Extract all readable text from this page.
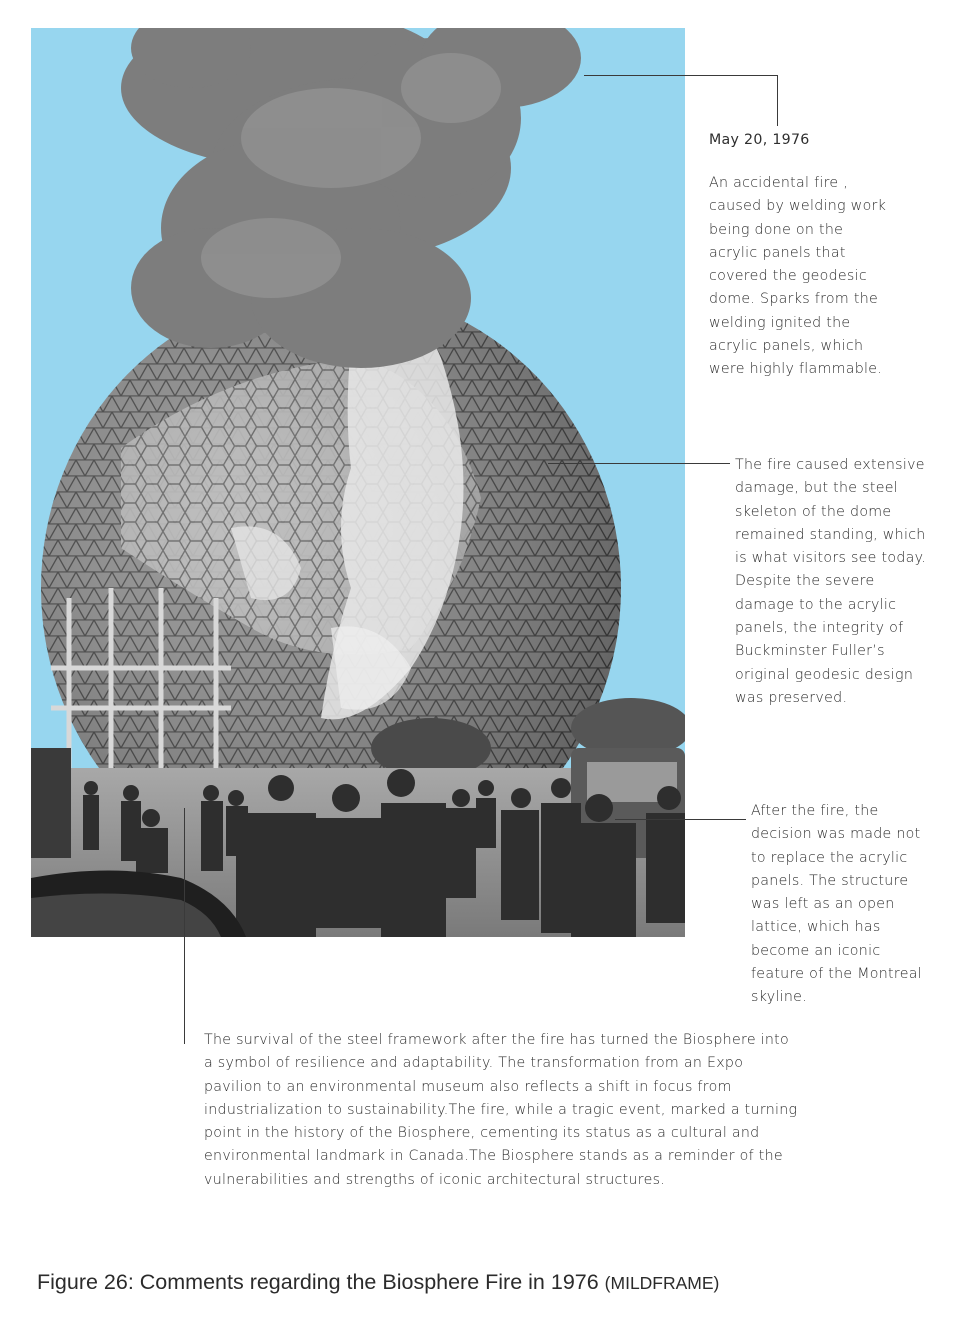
May 20, 1976
An accidental fire ,
caused by welding work
being done on the
acrylic panels that
covered the geodesic
dome. Sparks from the
welding ignited the
acrylic panels, which
were highly flammable.
The fire caused extensive
damage, but the steel
skeleton of the dome
remained standing, which
is what visitors see today.
Despite the severe
damage to the acrylic
panels, the integrity of
Buckminster Fuller’s
original geodesic design
was preserved.
After the fire, the
decision was made not
to replace the acrylic
panels. The structure
was left as an open
lattice, which has
become an iconic
feature of the Montreal
skyline.
The survival of the steel framework after the fire has turned the Biosphere into
a symbol of resilience and adaptability. The transformation from an Expo
pavilion to an environmental museum also reflects a shift in focus from
industrialization to sustainability.The fire, while a tragic event, marked a turning
point in the history of the Biosphere, cementing its status as a cultural and
environmental landmark in Canada.The Biosphere stands as a reminder of the
vulnerabilities and strengths of iconic architectural structures.
Figure 26: Comments regarding the Biosphere Fire in 1976 (MILDFRAME)
